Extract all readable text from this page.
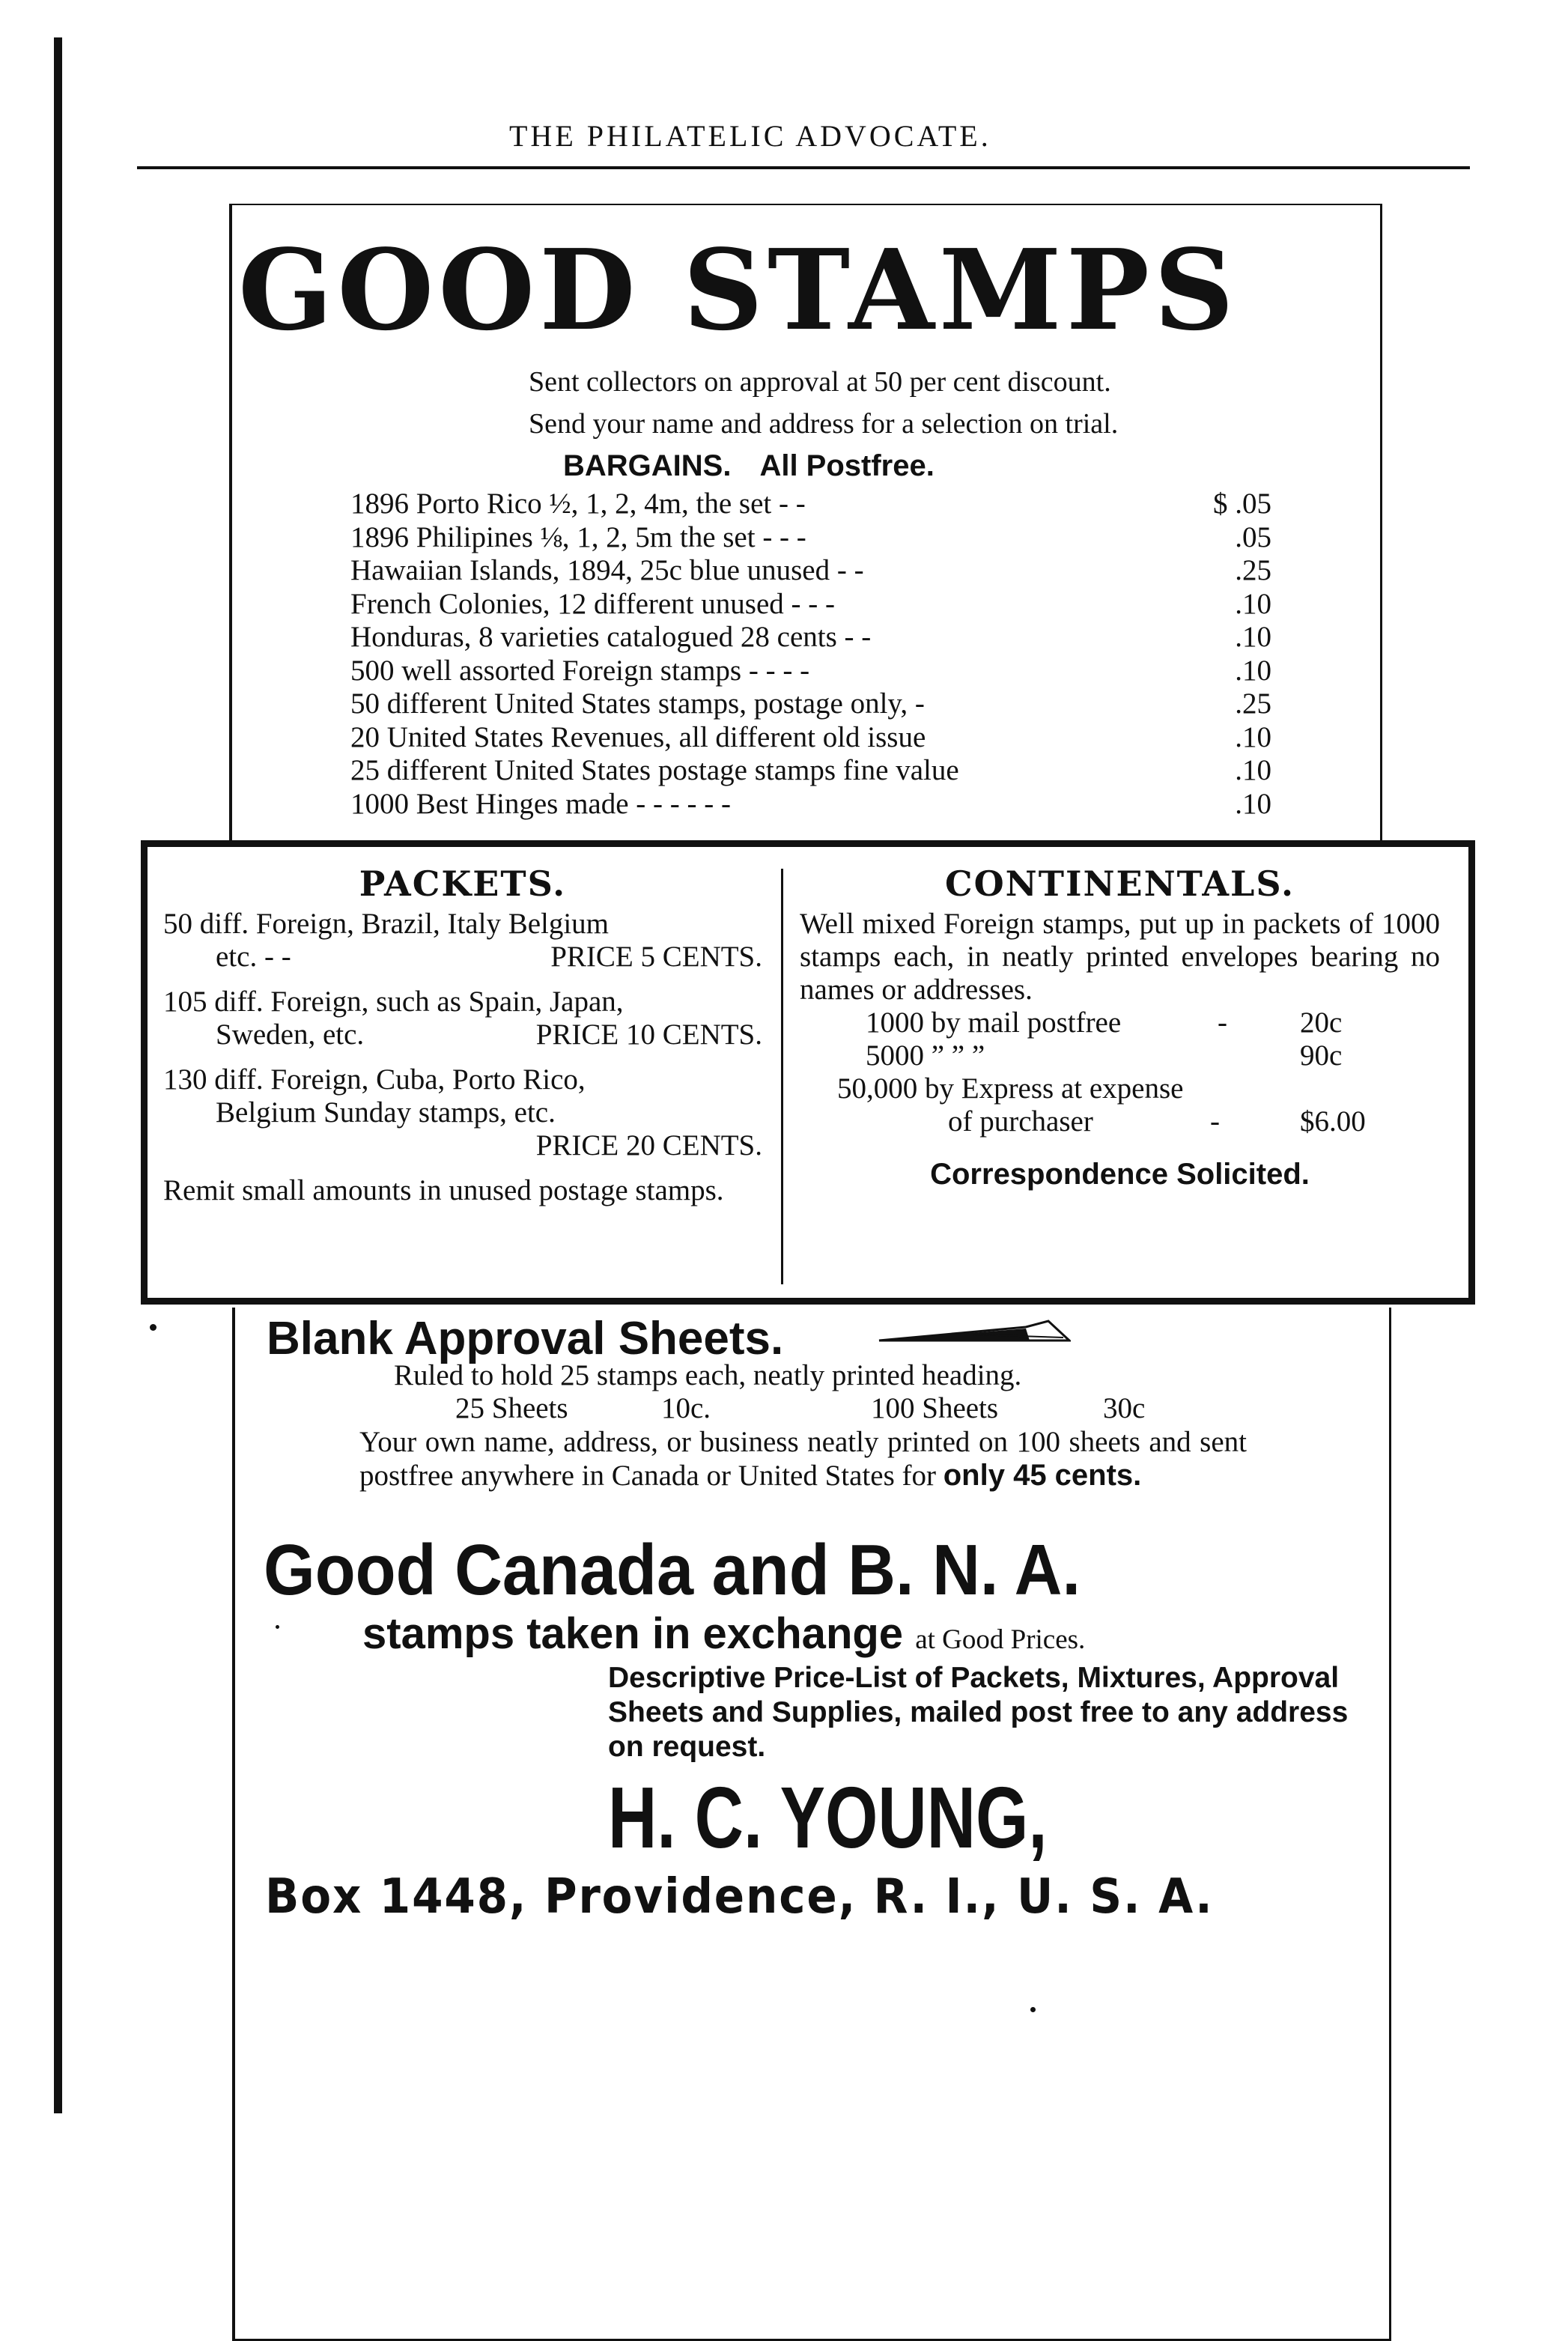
THE PHILATELIC ADVOCATE.
GOOD STAMPS
Sent collectors on approval at 50 per cent discount.
Send your name and address for a selection on trial.
BARGAINS. All Postfree.
1896 Porto Rico ½, 1, 2, 4m, the set - -	$ .05
1896 Philipines ⅛, 1, 2, 5m the set - - -	.05
Hawaiian Islands, 1894, 25c blue unused - -	.25
French Colonies, 12 different unused - - -	.10
Honduras, 8 varieties catalogued 28 cents - -	.10
500 well assorted Foreign stamps - - - -	.10
50 different United States stamps, postage only, -	.25
20 United States Revenues, all different old issue	.10
25 different United States postage stamps fine value	.10
1000 Best Hinges made - - - - - -	.10
PACKETS.

50 diff. Foreign, Brazil, Italy Belgium
etc. - -	PRICE 5 CENTS.

105 diff. Foreign, such as Spain, Japan,
Sweden, etc.	PRICE 10 CENTS.

130 diff. Foreign, Cuba, Porto Rico,
Belgium Sunday stamps, etc.
PRICE 20 CENTS.

Remit small amounts in unused postage stamps.

CONTINENTALS.

Well mixed Foreign stamps, put up in packets of 1000 stamps each, in neatly printed envelopes bearing no names or addresses.

1000 by mail postfree	-	20c
5000 ” ” ”	90c
50,000 by Express at expense
of purchaser	-	$6.00
Correspondence Solicited.
Blank Approval Sheets.
Ruled to hold 25 stamps each, neatly printed heading.
25 Sheets	10c.	100 Sheets	30c
Your own name, address, or business neatly printed on 100 sheets and sent postfree anywhere in Canada or United States for only 45 cents.
Good Canada and B. N. A.
stamps taken in exchange at Good Prices.
Descriptive Price-List of Packets, Mixtures, Approval Sheets and Supplies, mailed post free to any address on request.
H. C. YOUNG,
Box 1448, Providence, R. I., U. S. A.
